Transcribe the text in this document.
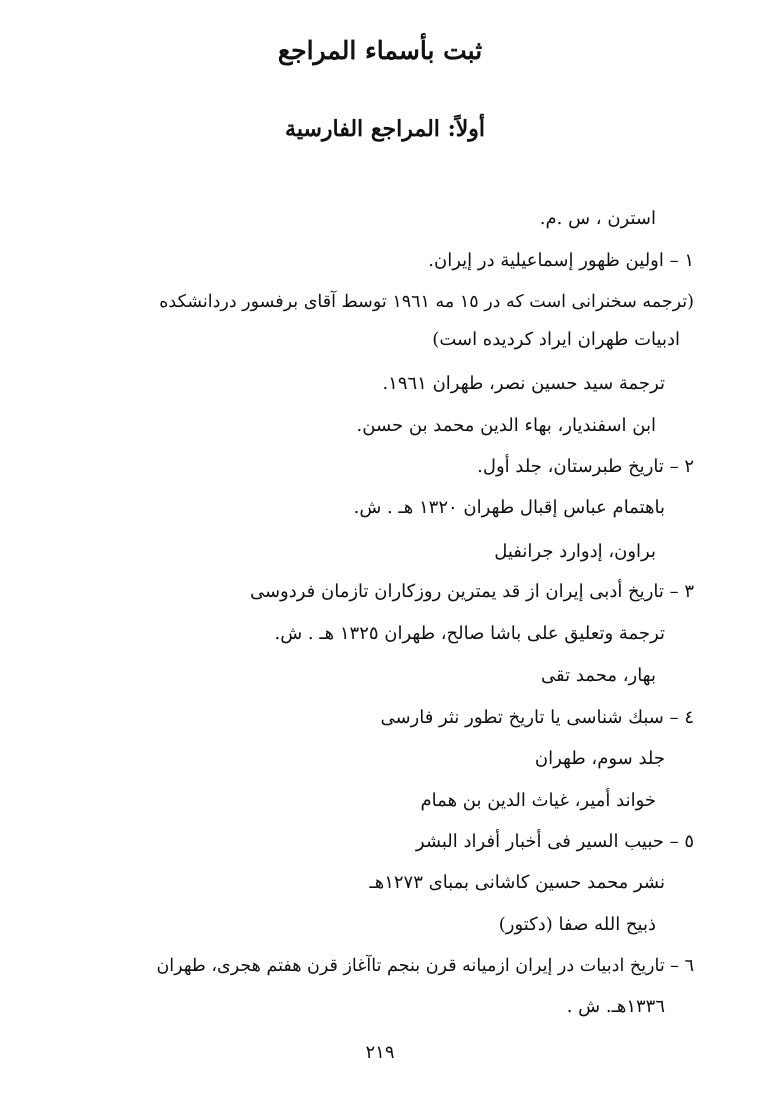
ثبت بأسماء المراجع
أولاً: المراجع الفارسية
استرن ، س .م.
١ – اولين ظهور إسماعيلية در إيران.
(ترجمه سخنرانی است كه در ١٥ مه ١٩٦١ توسط آقای برفسور دردانشكده
ادبيات طهران ايراد كرديده است)
ترجمة سيد حسين نصر، طهران ١٩٦١.
ابن اسفنديار، بهاء الدين محمد بن حسن.
٢ – تاريخ طبرستان، جلد أول.
باهتمام عباس إقبال طهران ١٣٢٠ هـ . ش.
براون، إدوارد جرانفيل
٣ – تاريخ أدبی إيران از قد يمترين روزكاران تازمان فردوسی
ترجمة وتعليق على باشا صالح، طهران ١٣٢٥ هـ . ش.
بهار، محمد تقی
٤ – سبك شناسی يا تاريخ تطور نثر فارسی
جلد سوم، طهران
خواند أمير، غياث الدين بن همام
٥ – حبيب السير فی أخبار أفراد البشر
نشر محمد حسين كاشانی بمبای ١٢٧٣هـ
ذبيح الله صفا (دكتور)
٦ – تاريخ ادبيات در إيران ازميانه قرن بنجم تاآغاز قرن هفتم هجری، طهران
١٣٣٦هـ. ش .
٢١٩
